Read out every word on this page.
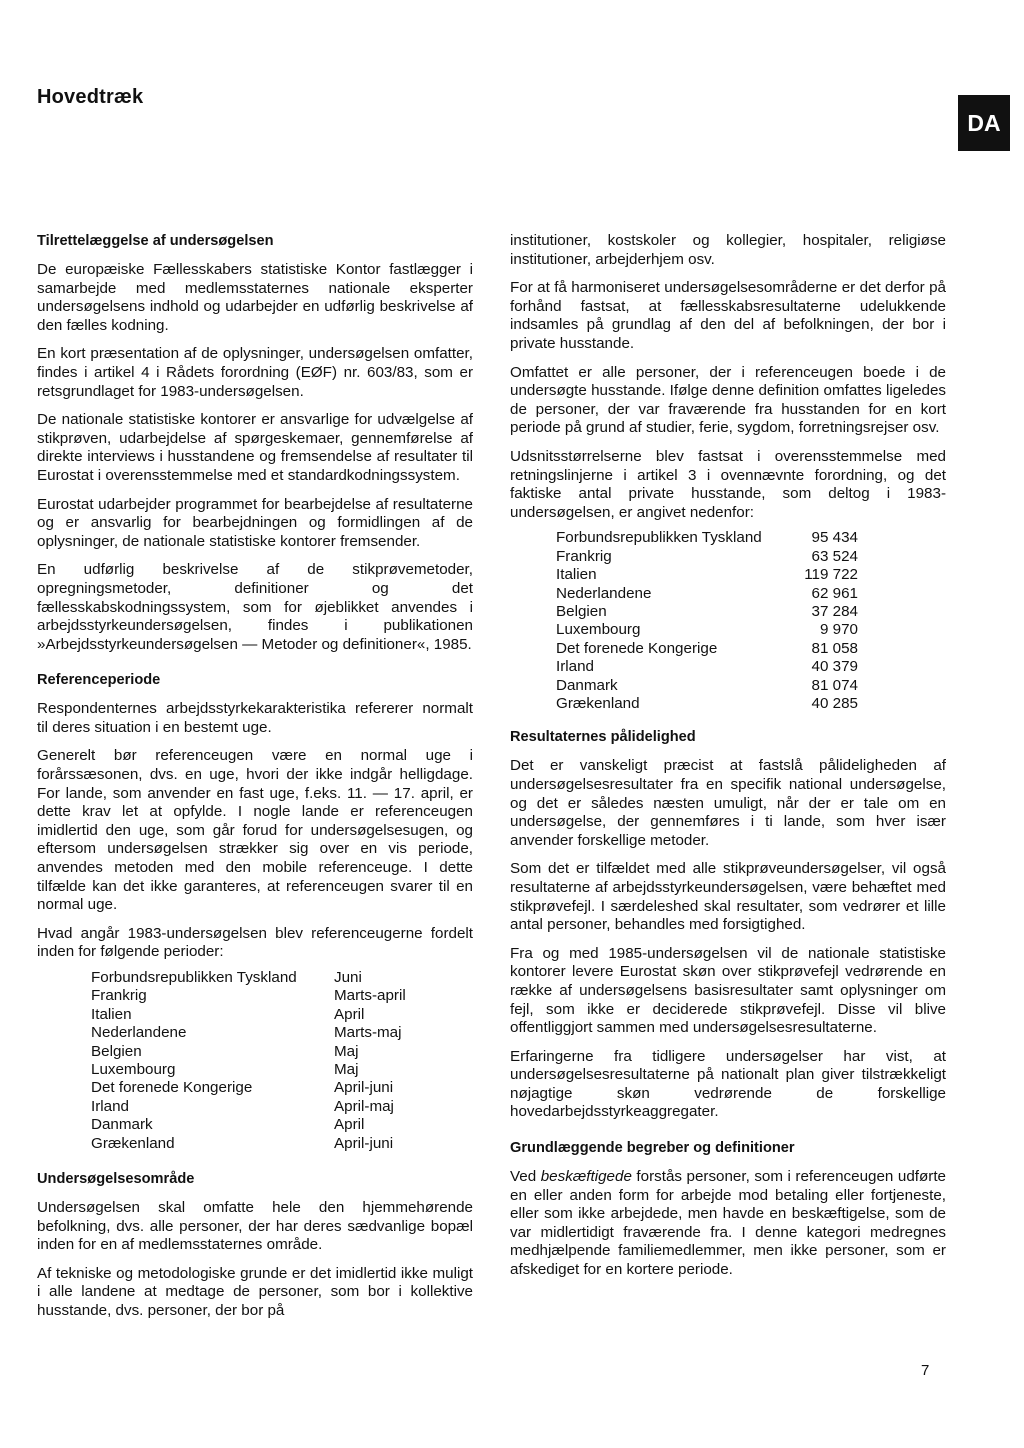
Hovedtræk
DA
Tilrettelæggelse af undersøgelsen

De europæiske Fællesskabers statistiske Kontor fastlægger i samarbejde med medlemsstaternes nationale eksperter undersøgelsens indhold og udarbejder en udførlig beskrivelse af den fælles kodning.

En kort præsentation af de oplysninger, undersøgelsen omfatter, findes i artikel 4 i Rådets forordning (EØF) nr. 603/83, som er retsgrundlaget for 1983-undersøgelsen.

De nationale statistiske kontorer er ansvarlige for udvælgelse af stikprøven, udarbejdelse af spørgeskemaer, gennemførelse af direkte interviews i husstandene og fremsendelse af resultater til Eurostat i overensstemmelse med et standardkodningssystem.

Eurostat udarbejder programmet for bearbejdelse af resultaterne og er ansvarlig for bearbejdningen og formidlingen af de oplysninger, de nationale statistiske kontorer fremsender.

En udførlig beskrivelse af de stikprøvemetoder, opregningsmetoder, definitioner og det fællesskabskodningssystem, som for øjeblikket anvendes i arbejdsstyrkeundersøgelsen, findes i publikationen »Arbejdsstyrkeundersøgelsen — Metoder og definitioner«, 1985.

Referenceperiode

Respondenternes arbejdsstyrkekarakteristika refererer normalt til deres situation i en bestemt uge.

Generelt bør referenceugen være en normal uge i forårssæsonen, dvs. en uge, hvori der ikke indgår helligdage. For lande, som anvender en fast uge, f.eks. 11. — 17. april, er dette krav let at opfylde. I nogle lande er referenceugen imidlertid den uge, som går forud for undersøgelsesugen, og eftersom undersøgelsen strækker sig over en vis periode, anvendes metoden med den mobile referenceuge. I dette tilfælde kan det ikke garanteres, at referenceugen svarer til en normal uge.

Hvad angår 1983-undersøgelsen blev referenceugerne fordelt inden for følgende perioder:

Forbundsrepublikken Tyskland	Juni
Frankrig	Marts-april
Italien	April
Nederlandene	Marts-maj
Belgien	Maj
Luxembourg	Maj
Det forenede Kongerige	April-juni
Irland	April-maj
Danmark	April
Grækenland	April-juni
Undersøgelsesområde

Undersøgelsen skal omfatte hele den hjemmehørende befolkning, dvs. alle personer, der har deres sædvanlige bopæl inden for en af medlemsstaternes område.

Af tekniske og metodologiske grunde er det imidlertid ikke muligt i alle landene at medtage de personer, som bor i kollektive husstande, dvs. personer, der bor på

institutioner, kostskoler og kollegier, hospitaler, religiøse institutioner, arbejderhjem osv.

For at få harmoniseret undersøgelsesområderne er det derfor på forhånd fastsat, at fællesskabsresultaterne udelukkende indsamles på grundlag af den del af befolkningen, der bor i private husstande.

Omfattet er alle personer, der i referenceugen boede i de undersøgte husstande. Ifølge denne definition omfattes ligeledes de personer, der var fraværende fra husstanden for en kort periode på grund af studier, ferie, sygdom, forretningsrejser osv.

Udsnitsstørrelserne blev fastsat i overensstemmelse med retningslinjerne i artikel 3 i ovennævnte forordning, og det faktiske antal private husstande, som deltog i 1983-undersøgelsen, er angivet nedenfor:

Forbundsrepublikken Tyskland	95 434
Frankrig	63 524
Italien	119 722
Nederlandene	62 961
Belgien	37 284
Luxembourg	9 970
Det forenede Kongerige	81 058
Irland	40 379
Danmark	81 074
Grækenland	40 285
Resultaternes pålidelighed

Det er vanskeligt præcist at fastslå pålideligheden af undersøgelsesresultater fra en specifik national undersøgelse, og det er således næsten umuligt, når der er tale om en undersøgelse, der gennemføres i ti lande, som hver især anvender forskellige metoder.

Som det er tilfældet med alle stikprøveundersøgelser, vil også resultaterne af arbejdsstyrkeundersøgelsen, være behæftet med stikprøvefejl. I særdeleshed skal resultater, som vedrører et lille antal personer, behandles med forsigtighed.

Fra og med 1985-undersøgelsen vil de nationale statistiske kontorer levere Eurostat skøn over stikprøvefejl vedrørende en række af undersøgelsens basisresultater samt oplysninger om fejl, som ikke er deciderede stikprøvefejl. Disse vil blive offentliggjort sammen med undersøgelsesresultaterne.

Erfaringerne fra tidligere undersøgelser har vist, at undersøgelsesresultaterne på nationalt plan giver tilstrækkeligt nøjagtige skøn vedrørende de forskellige hovedarbejdsstyrkeaggregater.

Grundlæggende begreber og definitioner

Ved beskæftigede forstås personer, som i referenceugen udførte en eller anden form for arbejde mod betaling eller fortjeneste, eller som ikke arbejdede, men havde en beskæftigelse, som de var midlertidigt fraværende fra. I denne kategori medregnes medhjælpende familiemedlemmer, men ikke personer, som er afskediget for en kortere periode.

7
